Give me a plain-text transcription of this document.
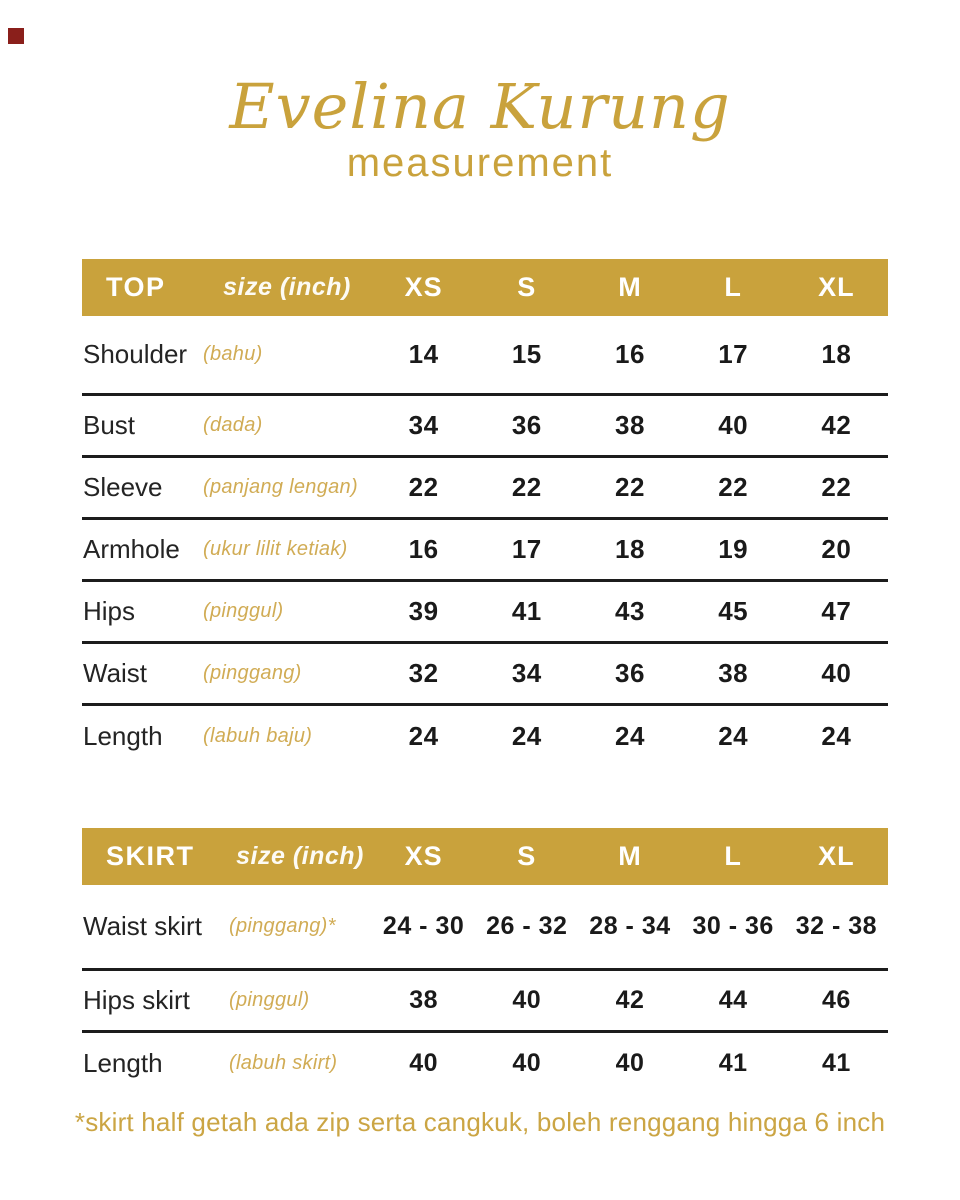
Evelina Kurung
measurement
TOP	size (inch)	XS	S	M	L	XL
Shoulder	(bahu)	14	15	16	17	18
Bust	(dada)	34	36	38	40	42
Sleeve	(panjang lengan)	22	22	22	22	22
Armhole	(ukur lilit ketiak)	16	17	18	19	20
Hips	(pinggul)	39	41	43	45	47
Waist	(pinggang)	32	34	36	38	40
Length	(labuh baju)	24	24	24	24	24
SKIRT	size (inch)	XS	S	M	L	XL
Waist skirt	(pinggang)*	24 - 30	26 - 32	28 - 34	30 - 36	32 - 38
Hips skirt	(pinggul)	38	40	42	44	46
Length	(labuh skirt)	40	40	40	41	41

*skirt half getah ada zip serta cangkuk, boleh renggang hingga 6 inch
